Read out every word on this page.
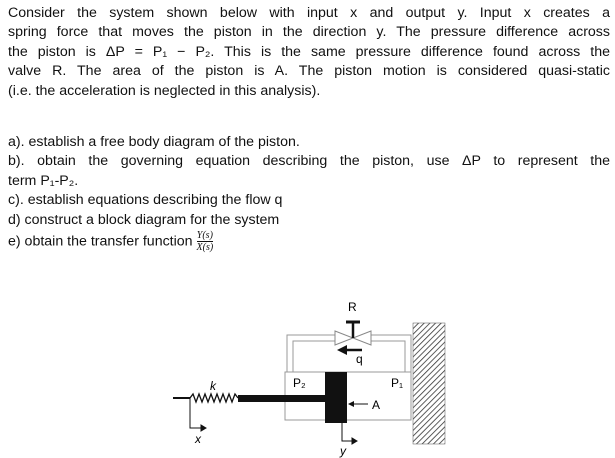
Consider the system shown below with input x and output y. Input x creates a
spring force that moves the piston in the direction y. The pressure difference across
the piston is ΔP = P₁ − P₂. This is the same pressure difference found across the
valve R. The area of the piston is A. The piston motion is considered quasi-static
(i.e. the acceleration is neglected in this analysis).
a). establish a free body diagram of the piston.
b). obtain the governing equation describing the piston, use ΔP to represent the
term P₁-P₂.
c). establish equations describing the flow q
d) construct a block diagram for the system
e) obtain the transfer function $\frac{Y(s)}{X(s)}$
R
q
P₂	P₁
k
A
x
y
